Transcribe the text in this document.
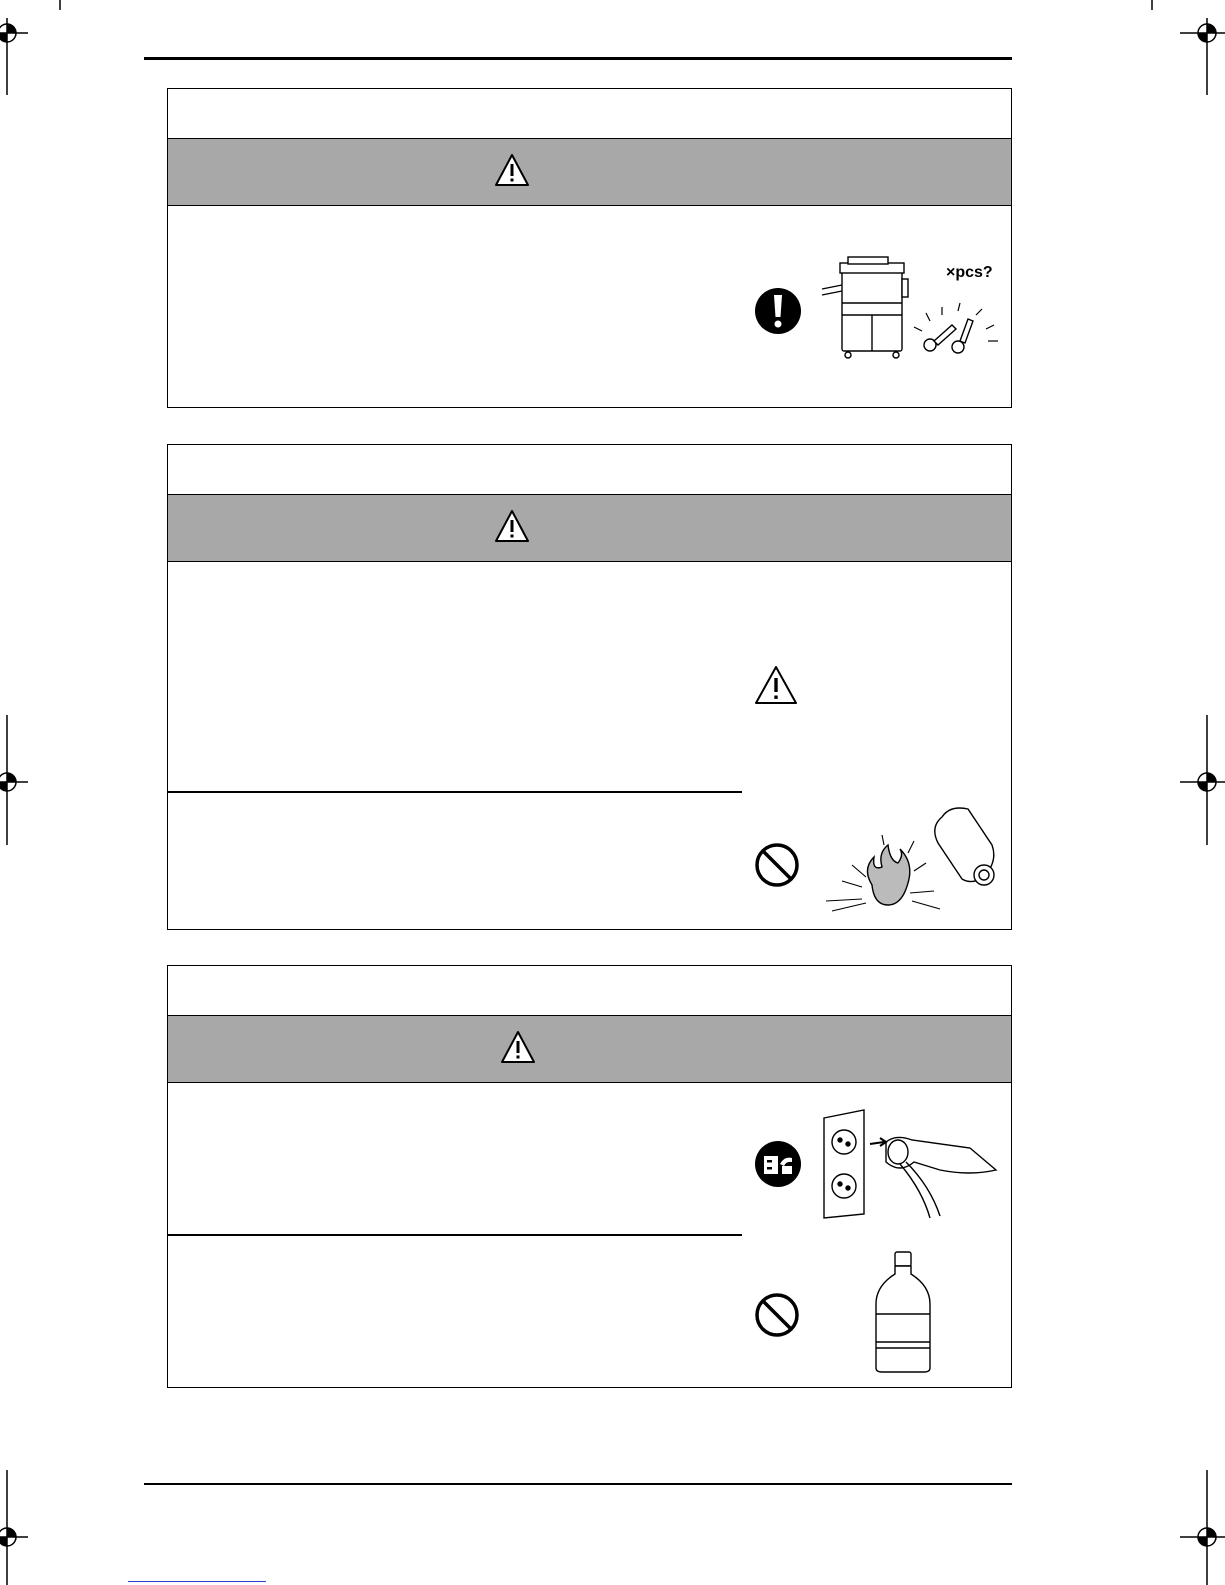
×pcs?
